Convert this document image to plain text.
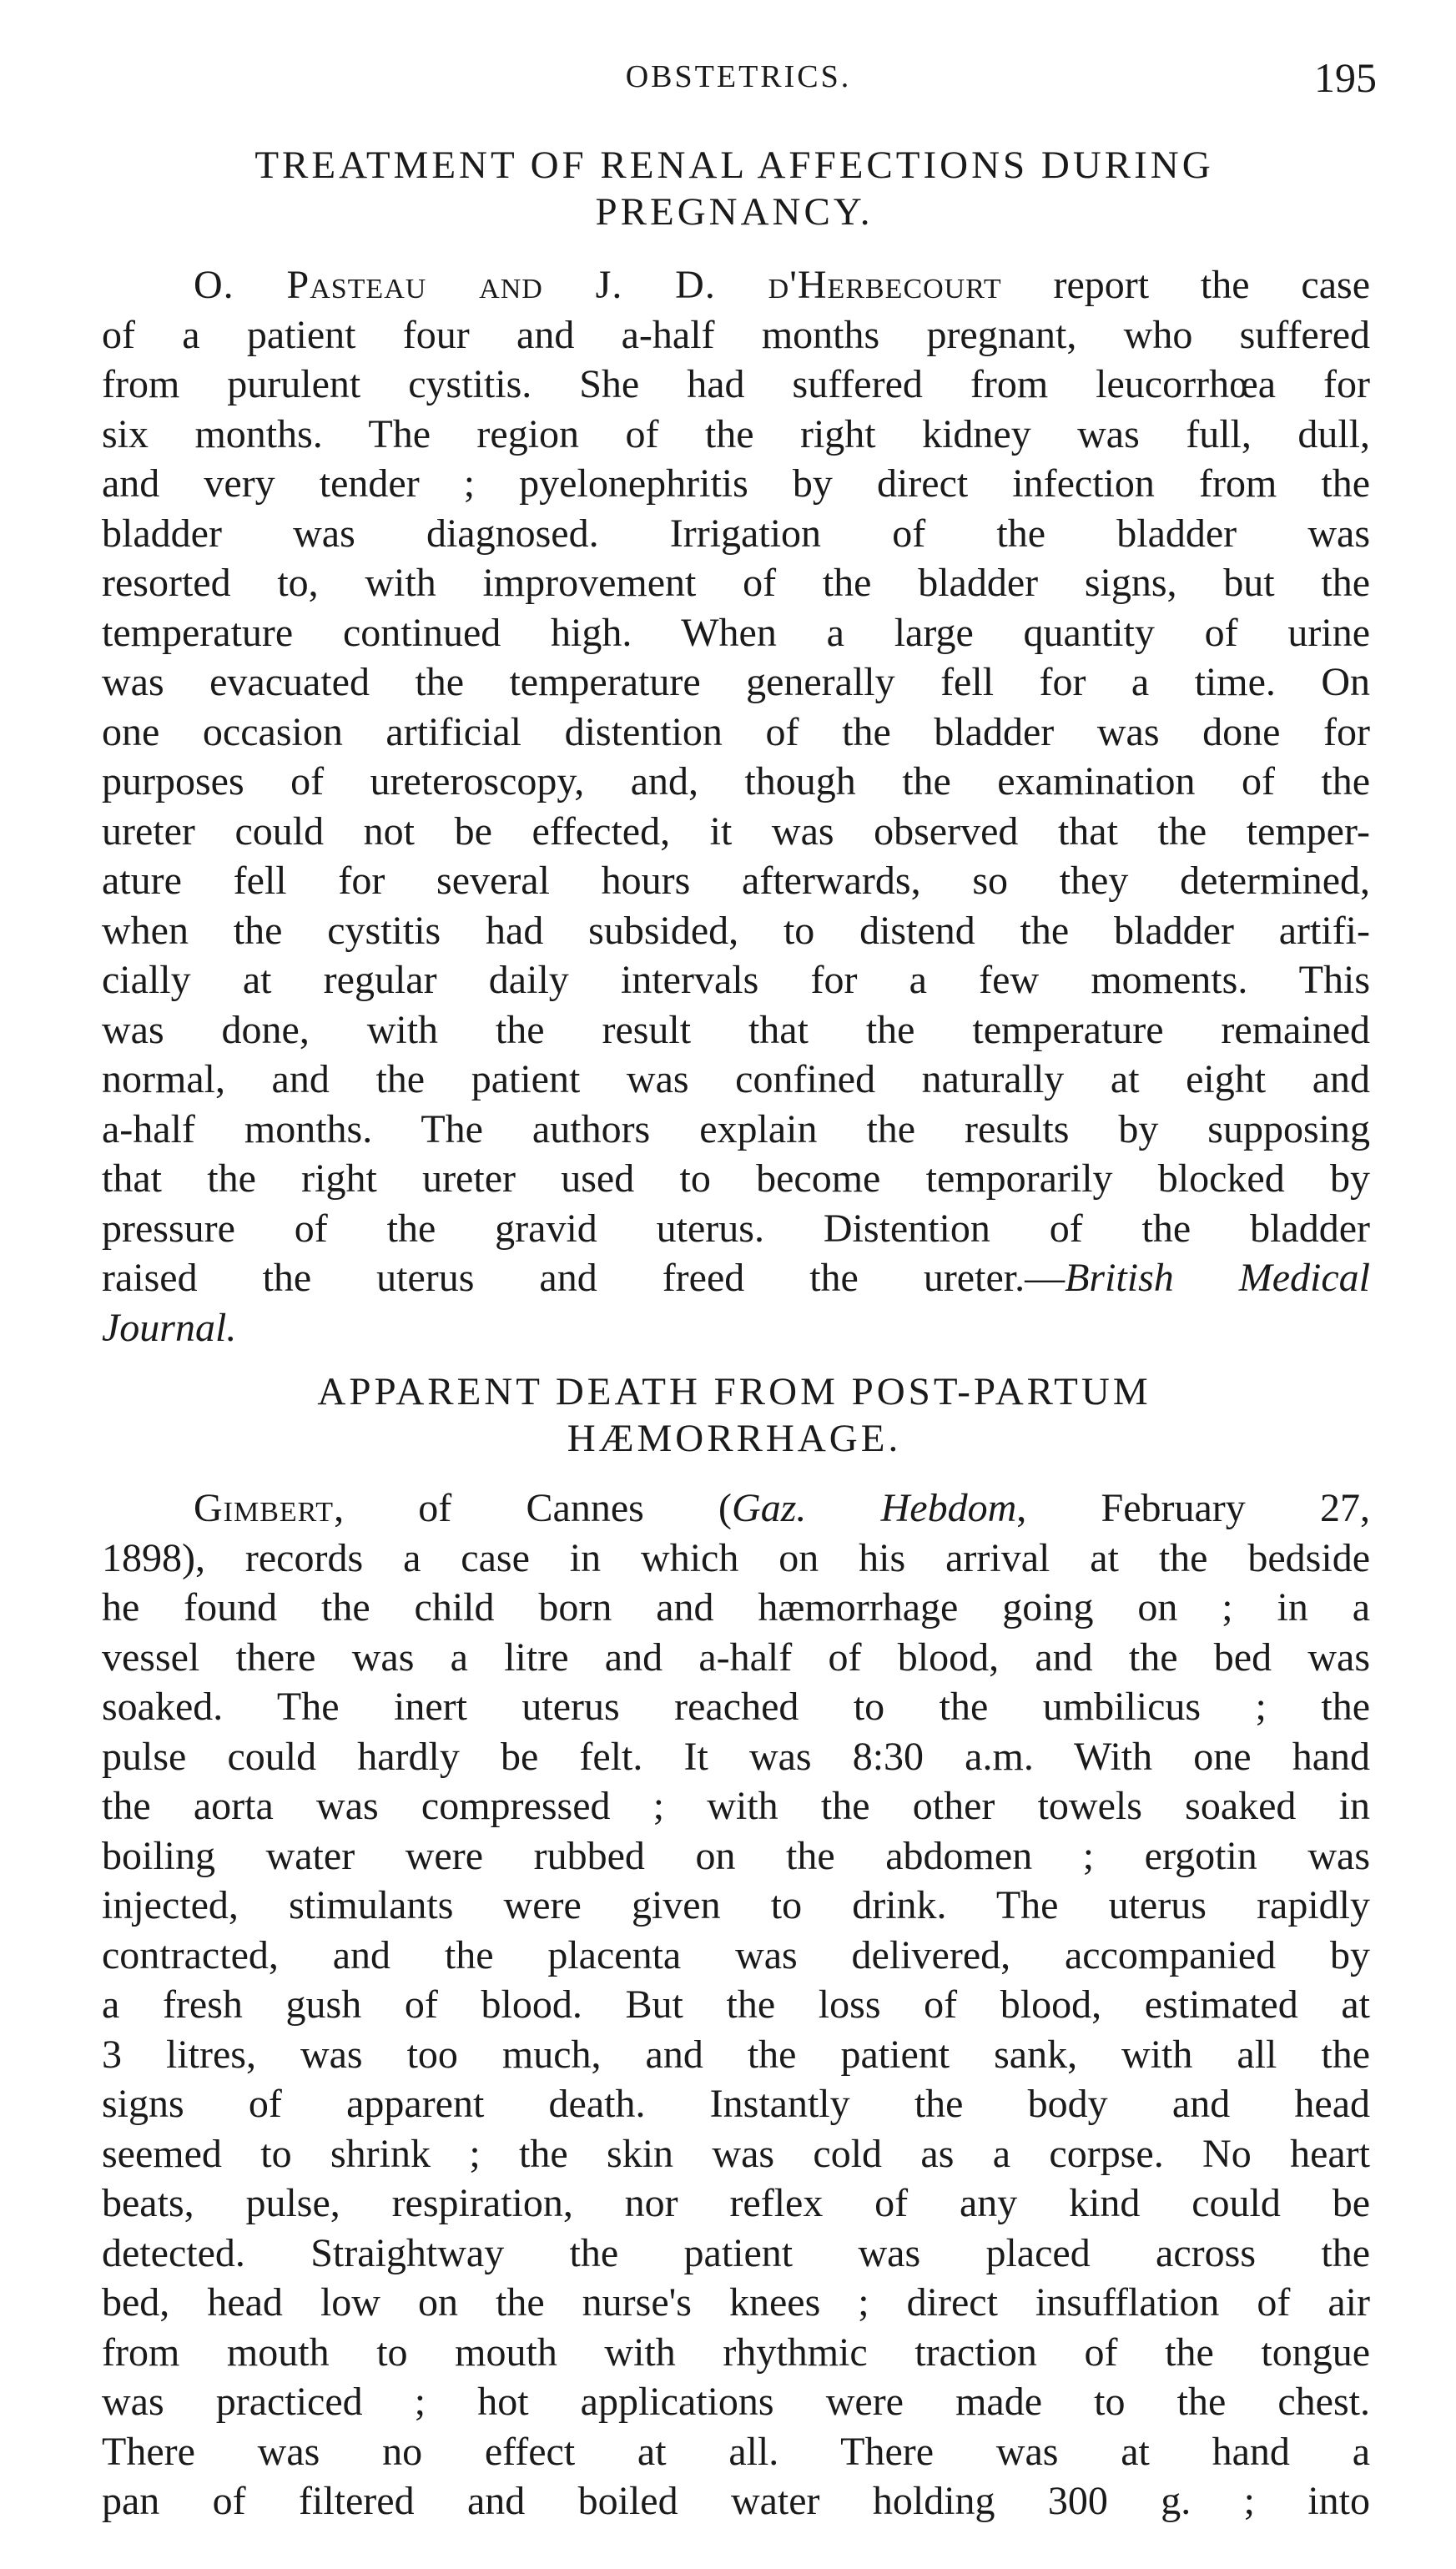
OBSTETRICS.	195
TREATMENT OF RENAL AFFECTIONS DURING
PREGNANCY.
O. Pasteau and J. D. d'Herbecourt report the case
of a patient four and a-half months pregnant, who suffered
from purulent cystitis. She had suffered from leucorrhœa for
six months. The region of the right kidney was full, dull,
and very tender ; pyelonephritis by direct infection from the
bladder was diagnosed. Irrigation of the bladder was
resorted to, with improvement of the bladder signs, but the
temperature continued high. When a large quantity of urine
was evacuated the temperature generally fell for a time. On
one occasion artificial distention of the bladder was done for
purposes of ureteroscopy, and, though the examination of the
ureter could not be effected, it was observed that the temper-
ature fell for several hours afterwards, so they determined,
when the cystitis had subsided, to distend the bladder artifi-
cially at regular daily intervals for a few moments. This
was done, with the result that the temperature remained
normal, and the patient was confined naturally at eight and
a-half months. The authors explain the results by supposing
that the right ureter used to become temporarily blocked by
pressure of the gravid uterus. Distention of the bladder
raised the uterus and freed the ureter.—British Medical
Journal.
APPARENT DEATH FROM POST-PARTUM
HÆMORRHAGE.
Gimbert, of Cannes (Gaz. Hebdom, February 27,
1898), records a case in which on his arrival at the bedside
he found the child born and hæmorrhage going on ; in a
vessel there was a litre and a-half of blood, and the bed was
soaked. The inert uterus reached to the umbilicus ; the
pulse could hardly be felt. It was 8:30 a.m. With one hand
the aorta was compressed ; with the other towels soaked in
boiling water were rubbed on the abdomen ; ergotin was
injected, stimulants were given to drink. The uterus rapidly
contracted, and the placenta was delivered, accompanied by
a fresh gush of blood. But the loss of blood, estimated at
3 litres, was too much, and the patient sank, with all the
signs of apparent death. Instantly the body and head
seemed to shrink ; the skin was cold as a corpse. No heart
beats, pulse, respiration, nor reflex of any kind could be
detected. Straightway the patient was placed across the
bed, head low on the nurse's knees ; direct insufflation of air
from mouth to mouth with rhythmic traction of the tongue
was practiced ; hot applications were made to the chest.
There was no effect at all. There was at hand a
pan of filtered and boiled water holding 300 g. ; into
